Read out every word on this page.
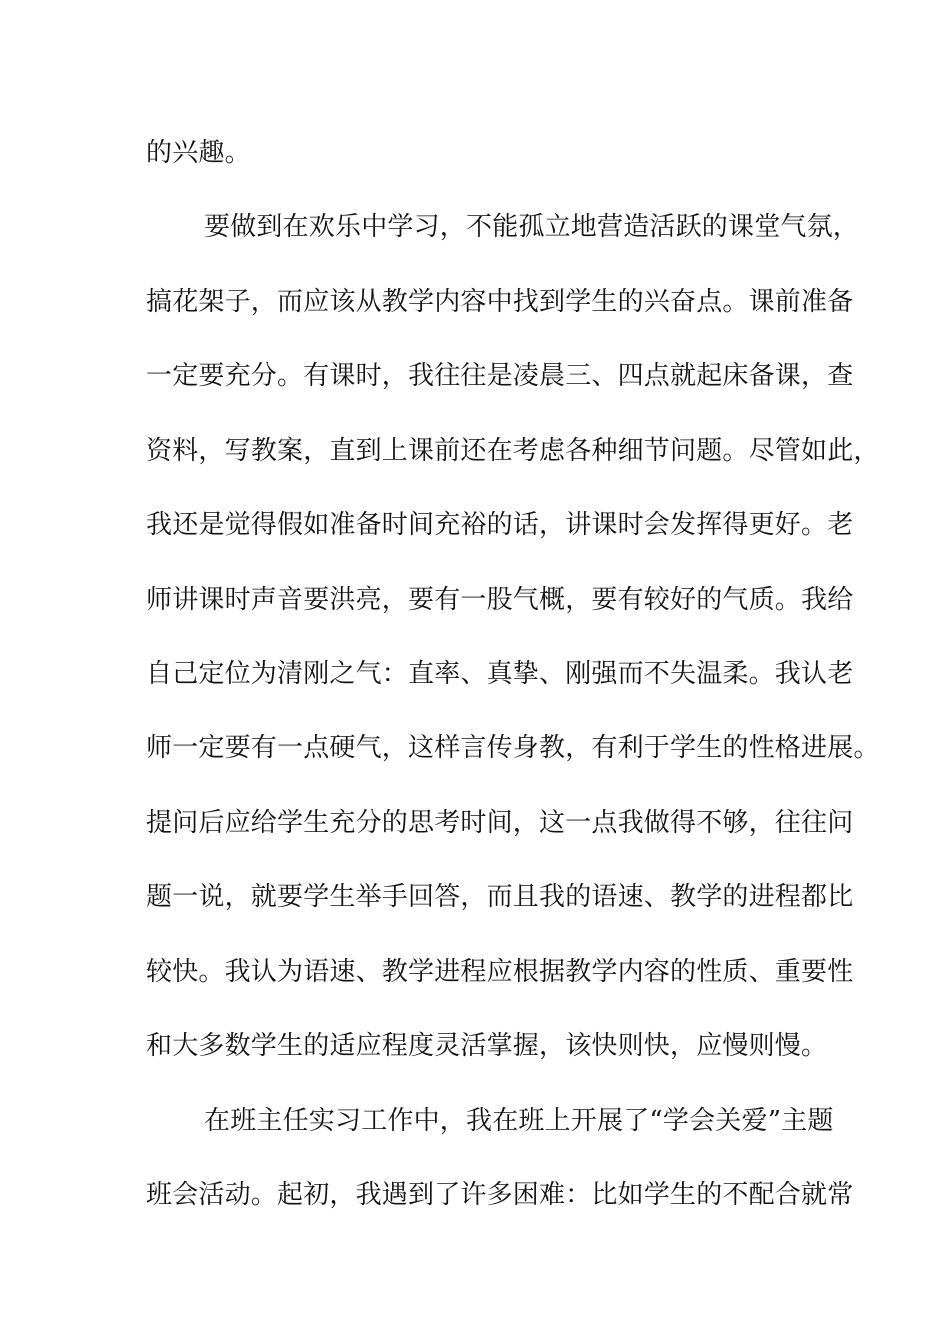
的兴趣。
要做到在欢乐中学习，不能孤立地营造活跃的课堂气氛，
搞花架子，而应该从教学内容中找到学生的兴奋点。课前准备
一定要充分。有课时，我往往是凌晨三、四点就起床备课，查
资料，写教案，直到上课前还在考虑各种细节问题。尽管如此，
我还是觉得假如准备时间充裕的话，讲课时会发挥得更好。老
师讲课时声音要洪亮，要有一股气概，要有较好的气质。我给
自己定位为清刚之气：直率、真挚、刚强而不失温柔。我认老
师一定要有一点硬气，这样言传身教，有利于学生的性格进展。
提问后应给学生充分的思考时间，这一点我做得不够，往往问
题一说，就要学生举手回答，而且我的语速、教学的进程都比
较快。我认为语速、教学进程应根据教学内容的性质、重要性
和大多数学生的适应程度灵活掌握，该快则快，应慢则慢。
在班主任实习工作中，我在班上开展了“学会关爱”主题
班会活动。起初，我遇到了许多困难：比如学生的不配合就常
